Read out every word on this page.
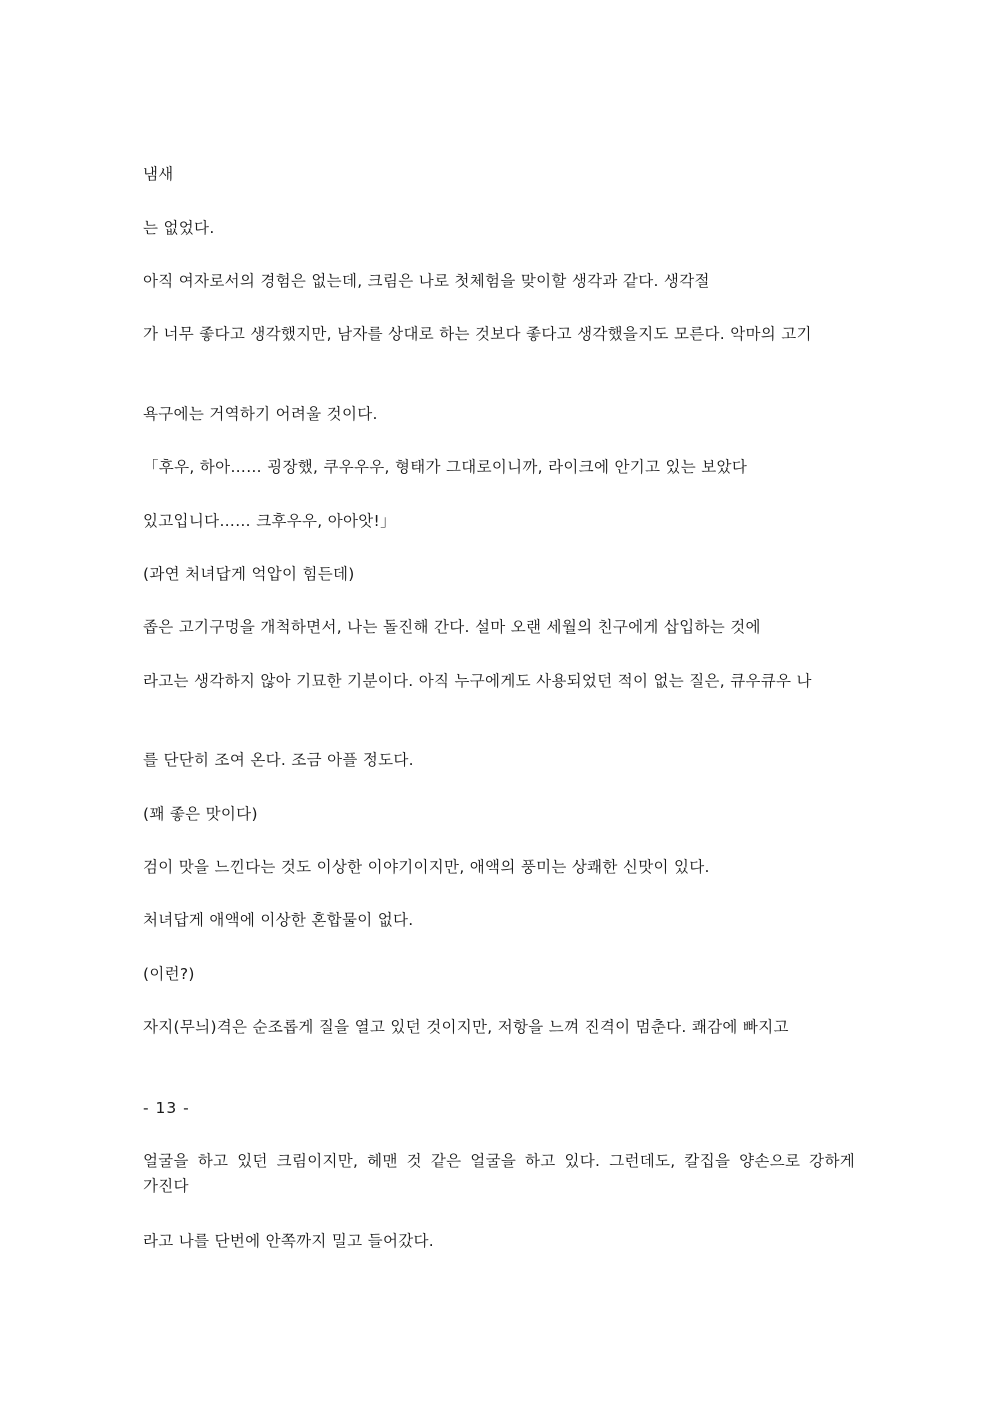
냄새

는 없었다.

아직 여자로서의 경험은 없는데, 크림은 나로 첫체험을 맞이할 생각과 같다. 생각절

가 너무 좋다고 생각했지만, 남자를 상대로 하는 것보다 좋다고 생각했을지도 모른다. 악마의 고기

욕구에는 거역하기 어려울 것이다.

「후우, 하아…… 굉장했, 쿠우우우, 형태가 그대로이니까, 라이크에 안기고 있는 보았다

있고입니다…… 크후우우, 아아앗!」

(과연 처녀답게 억압이 힘든데)

좁은 고기구멍을 개척하면서, 나는 돌진해 간다. 설마 오랜 세월의 친구에게 삽입하는 것에

라고는 생각하지 않아 기묘한 기분이다. 아직 누구에게도 사용되었던 적이 없는 질은, 큐우큐우 나

를 단단히 조여 온다. 조금 아플 정도다.

(꽤 좋은 맛이다)

검이 맛을 느낀다는 것도 이상한 이야기이지만, 애액의 풍미는 상쾌한 신맛이 있다.

처녀답게 애액에 이상한 혼합물이 없다.

(이런?)

자지(무늬)격은 순조롭게 질을 열고 있던 것이지만, 저항을 느껴 진격이 멈춘다. 쾌감에 빠지고

- 13 -

얼굴을 하고 있던 크림이지만, 헤맨 것 같은 얼굴을 하고 있다. 그런데도, 칼집을 양손으로 강하게 가진다

라고 나를 단번에 안쪽까지 밀고 들어갔다.
